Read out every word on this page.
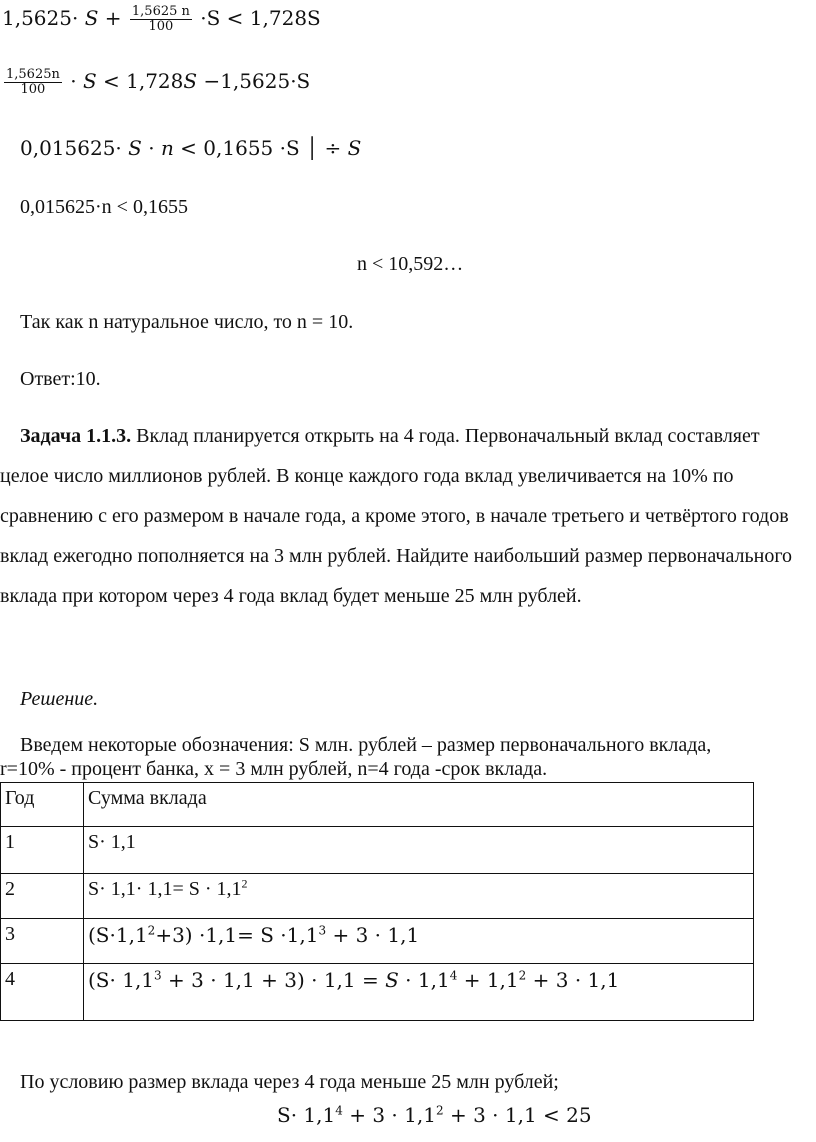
$1,5625\cdot S + \frac{1,5625 n}{100} \cdot S < 1,728S$
$\frac{1,5625n}{100} \cdot S < 1,728S -1,5625\cdot S$
0,015625· S · n < 0,1655 ·S │ ÷ S
0,015625·n < 0,1655
n < 10,592…
Так как n натуральное число, то n = 10.
Ответ:10.

Задача 1.1.3. Вклад планируется открыть на 4 года. Первоначальный вклад составляет целое число миллионов рублей. В конце каждого года вклад увеличивается на 10% по сравнению с его размером в начале года, а кроме этого, в начале третьего и четвёртого годов вклад ежегодно пополняется на 3 млн рублей. Найдите наибольший размер первоначального вклада при котором через 4 года вклад будет меньше 25 млн рублей.

Решение.
Введем некоторые обозначения: S млн. рублей – размер первоначального вклада,
r=10% - процент банка, x = 3 млн рублей, n=4 года -срок вклада.
Год	Сумма вклада
1	S· 1,1
2	$S\cdot 1,1\cdot 1,1= S \cdot 1,1^2$
3	$(S\cdot 1,1^2+3) \cdot 1,1= S \cdot 1,1^3 + 3 \cdot 1,1$
4	$(S\cdot 1,1^3 + 3 \cdot 1,1 + 3) \cdot 1,1 = S \cdot 1,1^4 + 1,1^2 + 3 \cdot 1,1$
По условию размер вклада через 4 года меньше 25 млн рублей;
$S\cdot 1,1^4 + 3 \cdot 1,1^2 + 3 \cdot 1,1 < 25$
